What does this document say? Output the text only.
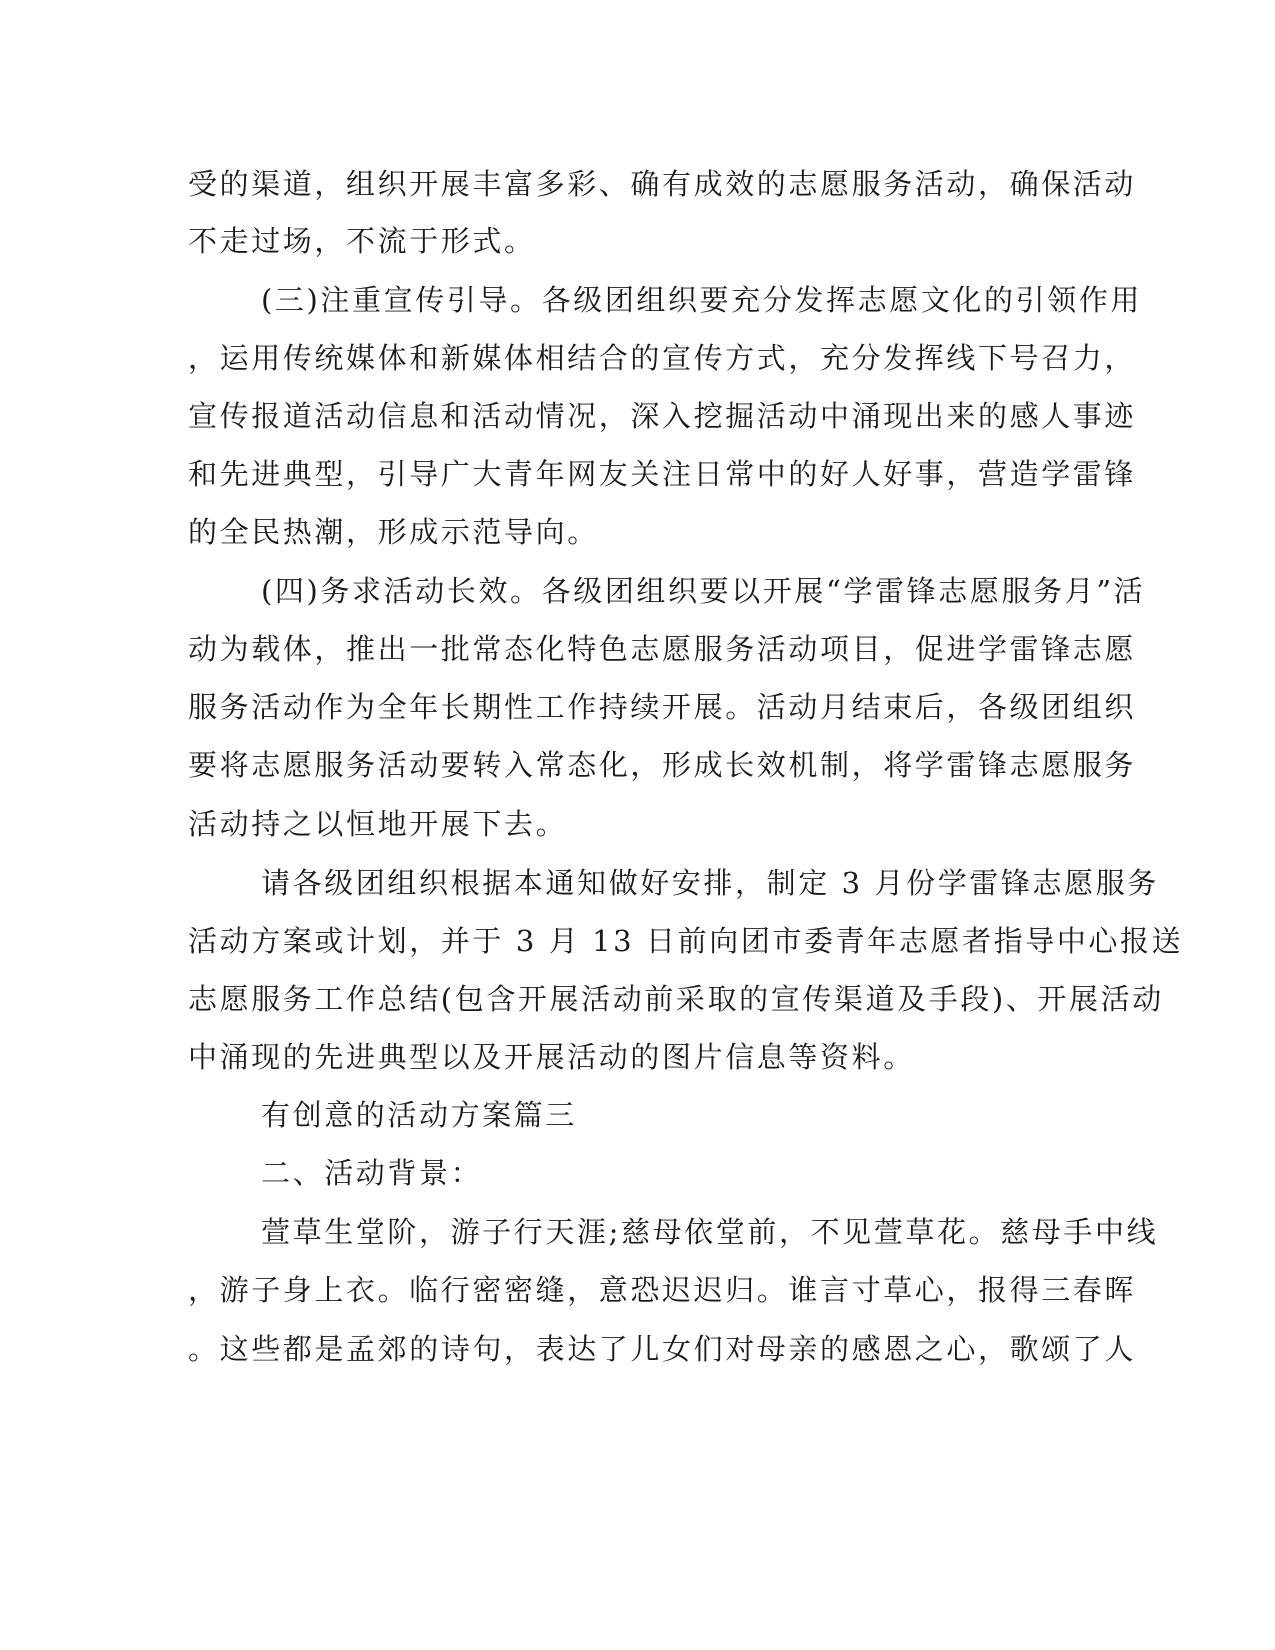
受的渠道，组织开展丰富多彩、确有成效的志愿服务活动，确保活动
不走过场，不流于形式。
(三)注重宣传引导。各级团组织要充分发挥志愿文化的引领作用
，运用传统媒体和新媒体相结合的宣传方式，充分发挥线下号召力，
宣传报道活动信息和活动情况，深入挖掘活动中涌现出来的感人事迹
和先进典型，引导广大青年网友关注日常中的好人好事，营造学雷锋
的全民热潮，形成示范导向。
(四)务求活动长效。各级团组织要以开展“学雷锋志愿服务月”活
动为载体，推出一批常态化特色志愿服务活动项目，促进学雷锋志愿
服务活动作为全年长期性工作持续开展。活动月结束后，各级团组织
要将志愿服务活动要转入常态化，形成长效机制，将学雷锋志愿服务
活动持之以恒地开展下去。
请各级团组织根据本通知做好安排，制定 3 月份学雷锋志愿服务
活动方案或计划，并于 3 月 13 日前向团市委青年志愿者指导中心报送
志愿服务工作总结(包含开展活动前采取的宣传渠道及手段)、开展活动
中涌现的先进典型以及开展活动的图片信息等资料。
有创意的活动方案篇三
二、活动背景：
萱草生堂阶，游子行天涯;慈母依堂前，不见萱草花。慈母手中线
，游子身上衣。临行密密缝，意恐迟迟归。谁言寸草心，报得三春晖
。这些都是孟郊的诗句，表达了儿女们对母亲的感恩之心，歌颂了人
